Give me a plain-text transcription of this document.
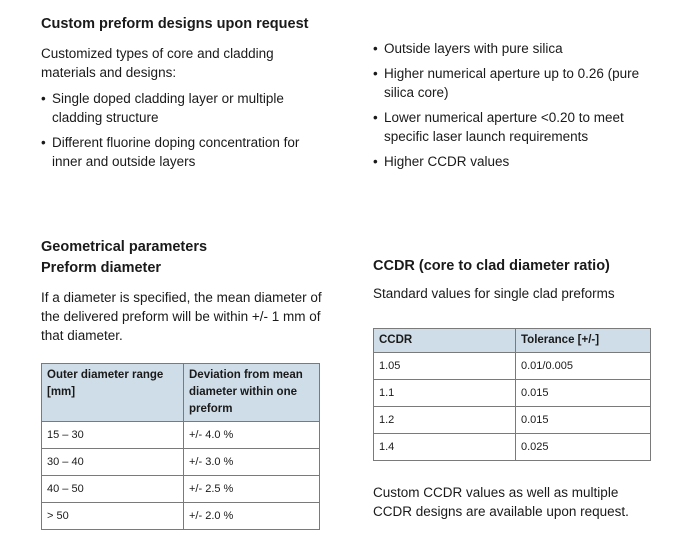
Custom preform designs upon request

Customized types of core and cladding materials and designs:

• Single doped cladding layer or multiple cladding structure
• Different fluorine doping concentration for inner and outside layers
• Outside layers with pure silica
• Higher numerical aperture up to 0.26 (pure silica core)
• Lower numerical aperture <0.20 to meet specific laser launch requirements
• Higher CCDR values
Geometrical parameters
Preform diameter

If a diameter is specified, the mean diameter of the delivered preform will be within +/- 1 mm of that diameter.

Outer diameter range [mm]	Deviation from mean diameter within one preform
15 – 30	+/- 4.0 %
30 – 40	+/- 3.0 %
40 – 50	+/- 2.5 %
> 50	+/- 2.0 %
CCDR (core to clad diameter ratio)

Standard values for single clad preforms

CCDR	Tolerance [+/-]
1.05	0.01/0.005
1.1	0.015
1.2	0.015
1.4	0.025

Custom CCDR values as well as multiple CCDR designs are available upon request.
